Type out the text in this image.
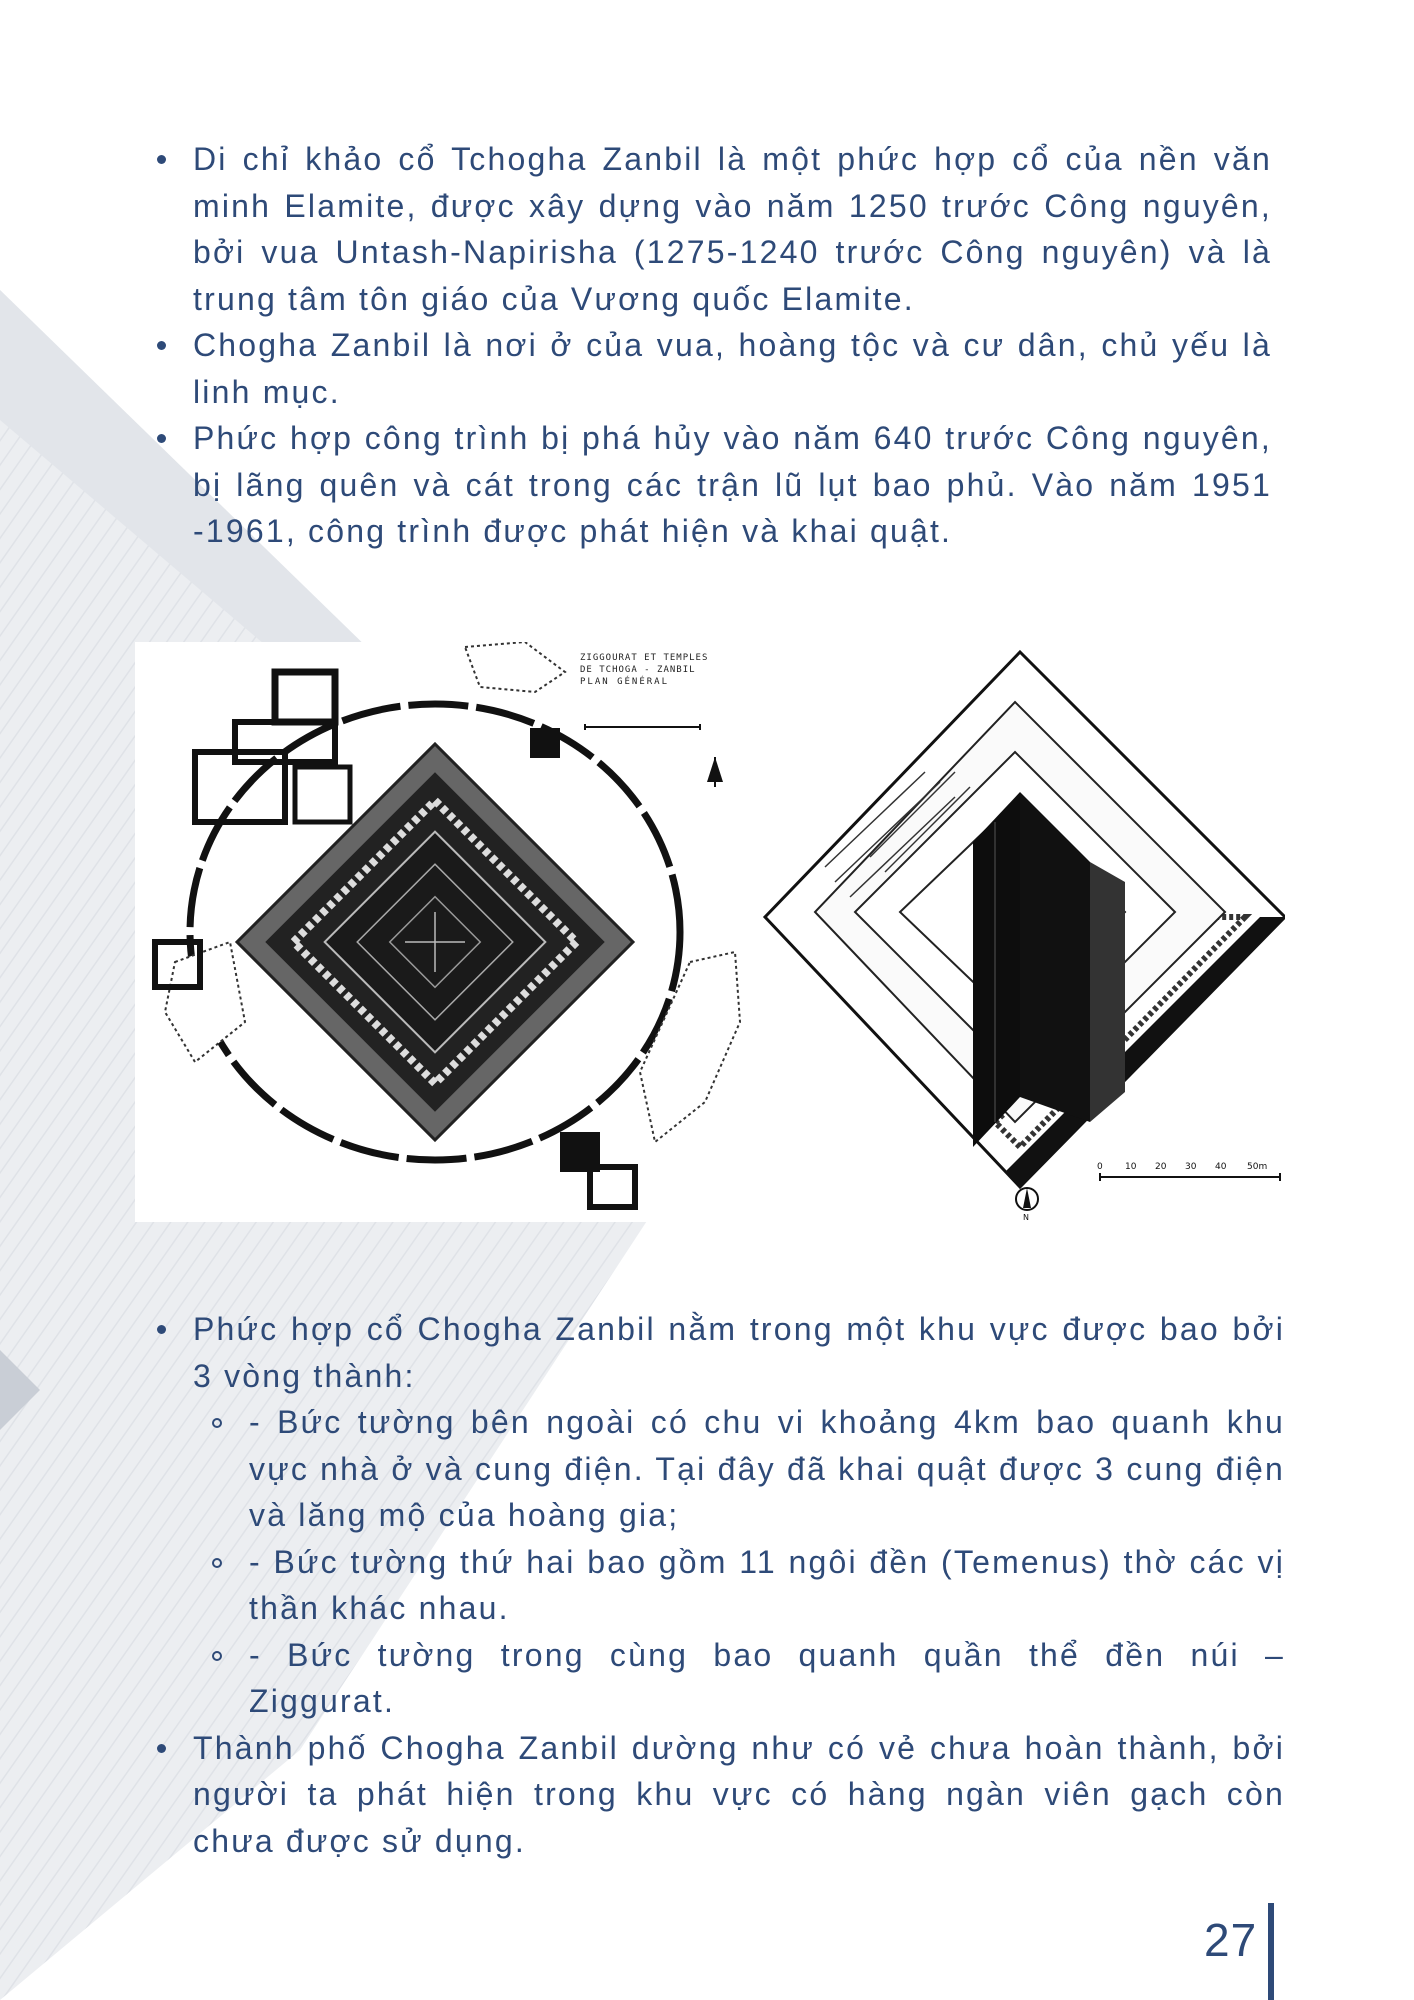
Di chỉ khảo cổ Tchogha Zanbil là một phức hợp cổ của nền văn minh Elamite, được xây dựng vào năm 1250 trước Công nguyên, bởi vua Untash-Napirisha (1275-1240 trước Công nguyên) và là trung tâm tôn giáo của Vương quốc Elamite.
Chogha Zanbil là nơi ở của vua, hoàng tộc và cư dân, chủ yếu là linh mục.
Phức hợp công trình bị phá hủy vào năm 640 trước Công nguyên, bị lãng quên và cát trong các trận lũ lụt bao phủ. Vào năm 1951 -1961, công trình được phát hiện và khai quật.
ZIGGOURAT ET TEMPLES
DE TCHOGA - ZANBIL
PLAN GÉNÉRAL
0 10 20 30 40 50m
N
Phức hợp cổ Chogha Zanbil nằm trong một khu vực được bao bởi 3 vòng thành:
- Bức tường bên ngoài có chu vi khoảng 4km bao quanh khu vực nhà ở và cung điện. Tại đây đã khai quật được 3 cung điện và lăng mộ của hoàng gia;
- Bức tường thứ hai bao gồm 11 ngôi đền (Temenus) thờ các vị thần khác nhau.
- Bức tường trong cùng bao quanh quần thể đền núi – Ziggurat.
Thành phố Chogha Zanbil dường như có vẻ chưa hoàn thành, bởi người ta phát hiện trong khu vực có hàng ngàn viên gạch còn chưa được sử dụng.
27
